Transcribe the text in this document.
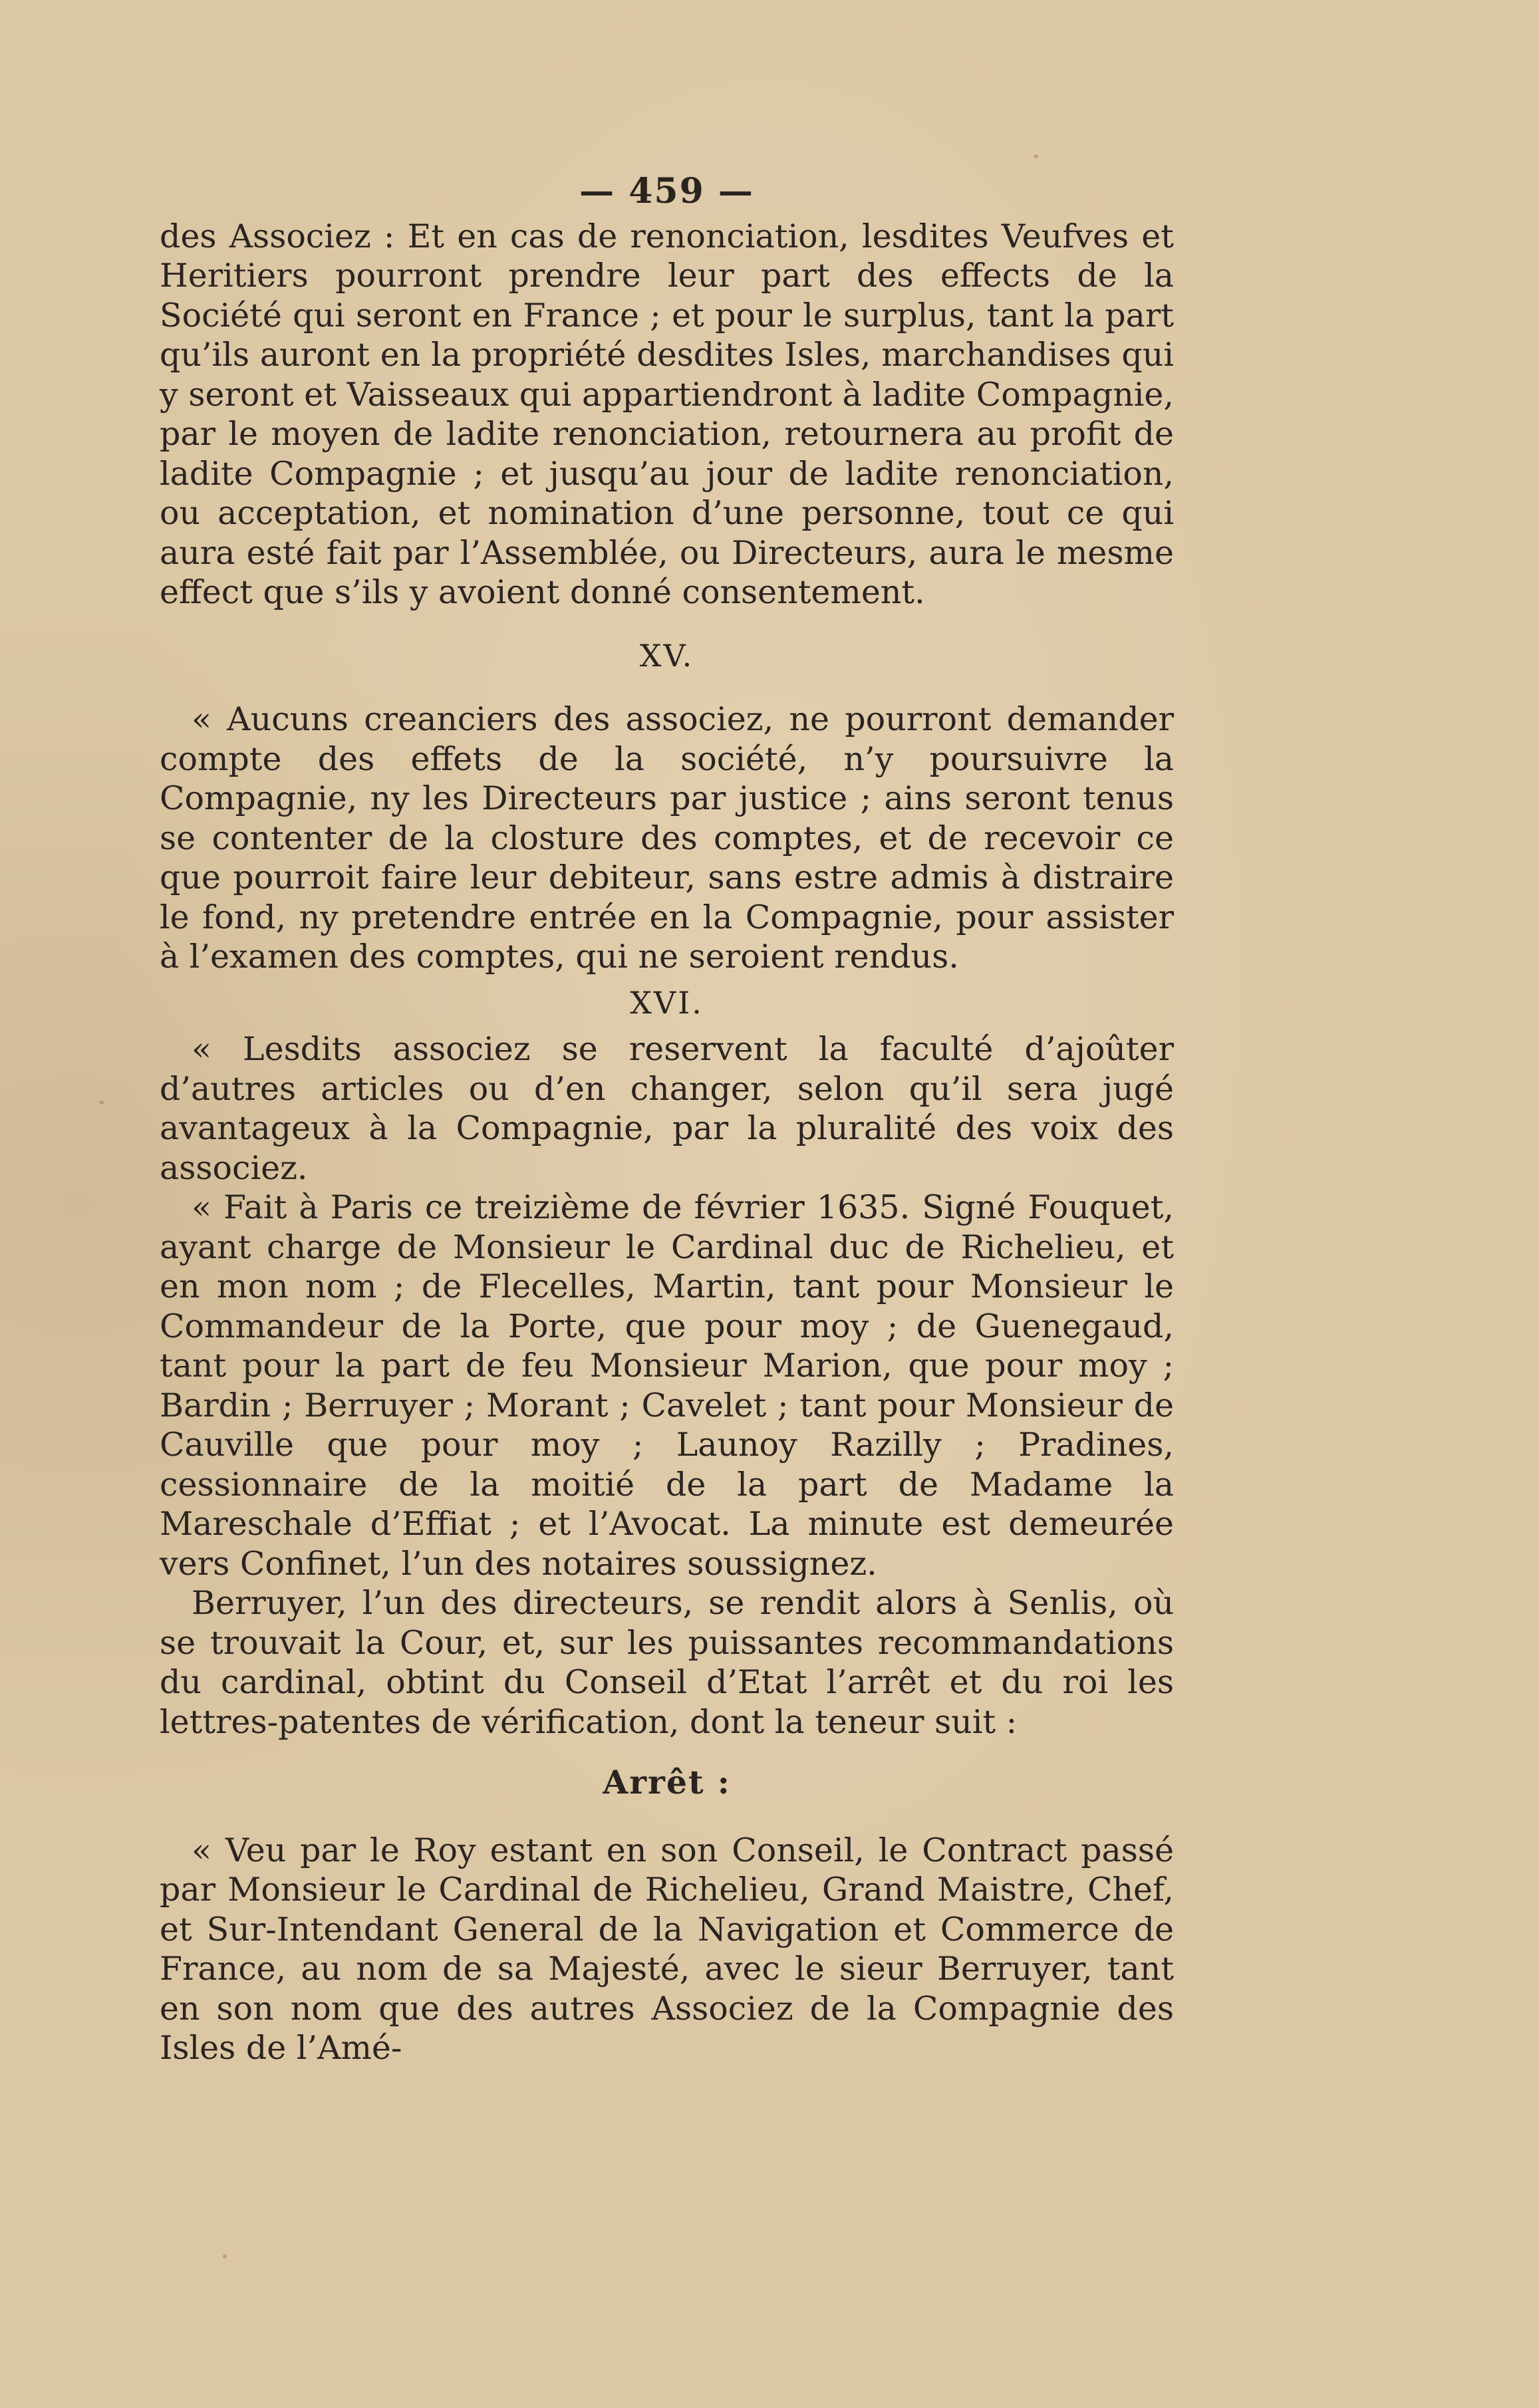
— 459 —

des Associez : Et en cas de renonciation, lesdites Veufves et Heritiers pourront prendre leur part des effects de la Société qui seront en France ; et pour le surplus, tant la part qu’ils auront en la propriété desdites Isles, marchandises qui y seront et Vaisseaux qui appartiendront à ladite Compagnie, par le moyen de ladite renonciation, retournera au profit de ladite Compagnie ; et jusqu’au jour de ladite renonciation, ou acceptation, et nomination d’une personne, tout ce qui aura esté fait par l’Assemblée, ou Directeurs, aura le mesme effect que s’ils y avoient donné consentement.

XV.

« Aucuns creanciers des associez, ne pourront demander compte des effets de la société, n’y poursuivre la Compagnie, ny les Directeurs par justice ; ains seront tenus se contenter de la closture des comptes, et de recevoir ce que pourroit faire leur debiteur, sans estre admis à distraire le fond, ny pretendre entrée en la Compagnie, pour assister à l’examen des comptes, qui ne seroient rendus.

XVI.

« Lesdits associez se reservent la faculté d’ajoûter d’autres articles ou d’en changer, selon qu’il sera jugé avantageux à la Compagnie, par la pluralité des voix des associez.

« Fait à Paris ce treizième de février 1635. Signé Fouquet, ayant charge de Monsieur le Cardinal duc de Richelieu, et en mon nom ; de Flecelles, Martin, tant pour Monsieur le Commandeur de la Porte, que pour moy ; de Guenegaud, tant pour la part de feu Monsieur Marion, que pour moy ; Bardin ; Berruyer ; Morant ; Cavelet ; tant pour Monsieur de Cauville que pour moy ; Launoy Razilly ; Pradines, cessionnaire de la moitié de la part de Madame la Mareschale d’Effiat ; et l’Avocat. La minute est demeurée vers Confinet, l’un des notaires soussignez.

Berruyer, l’un des directeurs, se rendit alors à Senlis, où se trouvait la Cour, et, sur les puissantes recommandations du cardinal, obtint du Conseil d’Etat l’arrêt et du roi les lettres-patentes de vérification, dont la teneur suit :

Arrêt :

« Veu par le Roy estant en son Conseil, le Contract passé par Monsieur le Cardinal de Richelieu, Grand Maistre, Chef, et Sur-Intendant General de la Navigation et Commerce de France, au nom de sa Majesté, avec le sieur Berruyer, tant en son nom que des autres Associez de la Compagnie des Isles de l’Amé-
